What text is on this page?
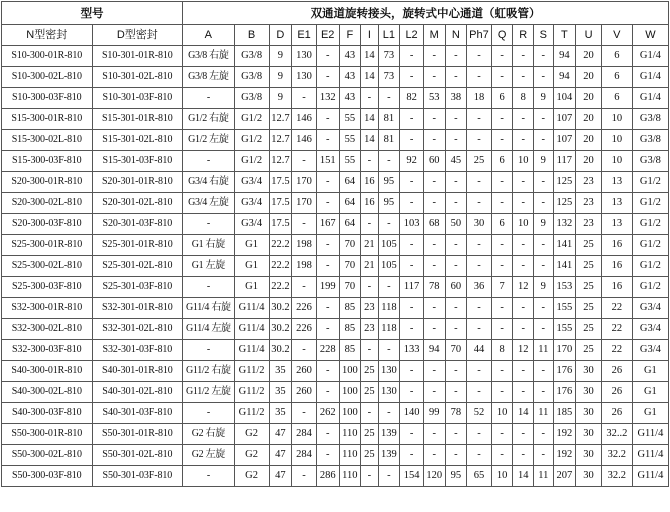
型号		双通道旋转接头，旋转式中心通道（虹吸管）																		
N型密封	D型密封	A	B	D	E1	E2	F	I	L1	L2	M	N	Ph7	Q	R	S	T	U	V	W
S10-300-01R-810	S10-301-01R-810	G3/8 右旋	G3/8	9	130	-	43	14	73	-	-	-	-	-	-	-	94	20	6	G1/4
S10-300-02L-810	S10-301-02L-810	G3/8 左旋	G3/8	9	130	-	43	14	73	-	-	-	-	-	-	-	94	20	6	G1/4
S10-300-03F-810	S10-301-03F-810	-	G3/8	9	-	132	43	-	-	82	53	38	18	6	8	9	104	20	6	G1/4
S15-300-01R-810	S15-301-01R-810	G1/2 右旋	G1/2	12.7	146	-	55	14	81	-	-	-	-	-	-	-	107	20	10	G3/8
S15-300-02L-810	S15-301-02L-810	G1/2 左旋	G1/2	12.7	146	-	55	14	81	-	-	-	-	-	-	-	107	20	10	G3/8
S15-300-03F-810	S15-301-03F-810	-	G1/2	12.7	-	151	55	-	-	92	60	45	25	6	10	9	117	20	10	G3/8
S20-300-01R-810	S20-301-01R-810	G3/4 右旋	G3/4	17.5	170	-	64	16	95	-	-	-	-	-	-	-	125	23	13	G1/2
S20-300-02L-810	S20-301-02L-810	G3/4 左旋	G3/4	17.5	170	-	64	16	95	-	-	-	-	-	-	-	125	23	13	G1/2
S20-300-03F-810	S20-301-03F-810	-	G3/4	17.5	-	167	64	-	-	103	68	50	30	6	10	9	132	23	13	G1/2
S25-300-01R-810	S25-301-01R-810	G1 右旋	G1	22.2	198	-	70	21	105	-	-	-	-	-	-	-	141	25	16	G1/2
S25-300-02L-810	S25-301-02L-810	G1 左旋	G1	22.2	198	-	70	21	105	-	-	-	-	-	-	-	141	25	16	G1/2
S25-300-03F-810	S25-301-03F-810	-	G1	22.2	-	199	70	-	-	117	78	60	36	7	12	9	153	25	16	G1/2
S32-300-01R-810	S32-301-01R-810	G11/4 右旋	G11/4	30.2	226	-	85	23	118	-	-	-	-	-	-	-	155	25	22	G3/4
S32-300-02L-810	S32-301-02L-810	G11/4 左旋	G11/4	30.2	226	-	85	23	118	-	-	-	-	-	-	-	155	25	22	G3/4
S32-300-03F-810	S32-301-03F-810	-	G11/4	30.2	-	228	85	-	-	133	94	70	44	8	12	11	170	25	22	G3/4
S40-300-01R-810	S40-301-01R-810	G11/2 右旋	G11/2	35	260	-	100	25	130	-	-	-	-	-	-	-	176	30	26	G1
S40-300-02L-810	S40-301-02L-810	G11/2 左旋	G11/2	35	260	-	100	25	130	-	-	-	-	-	-	-	176	30	26	G1
S40-300-03F-810	S40-301-03F-810	-	G11/2	35	-	262	100	-	-	140	99	78	52	10	14	11	185	30	26	G1
S50-300-01R-810	S50-301-01R-810	G2 右旋	G2	47	284	-	110	25	139	-	-	-	-	-	-	-	192	30	32..2	G11/4
S50-300-02L-810	S50-301-02L-810	G2 左旋	G2	47	284	-	110	25	139	-	-	-	-	-	-	-	192	30	32.2	G11/4
S50-300-03F-810	S50-301-03F-810	-	G2	47	-	286	110	-	-	154	120	95	65	10	14	11	207	30	32.2	G11/4
